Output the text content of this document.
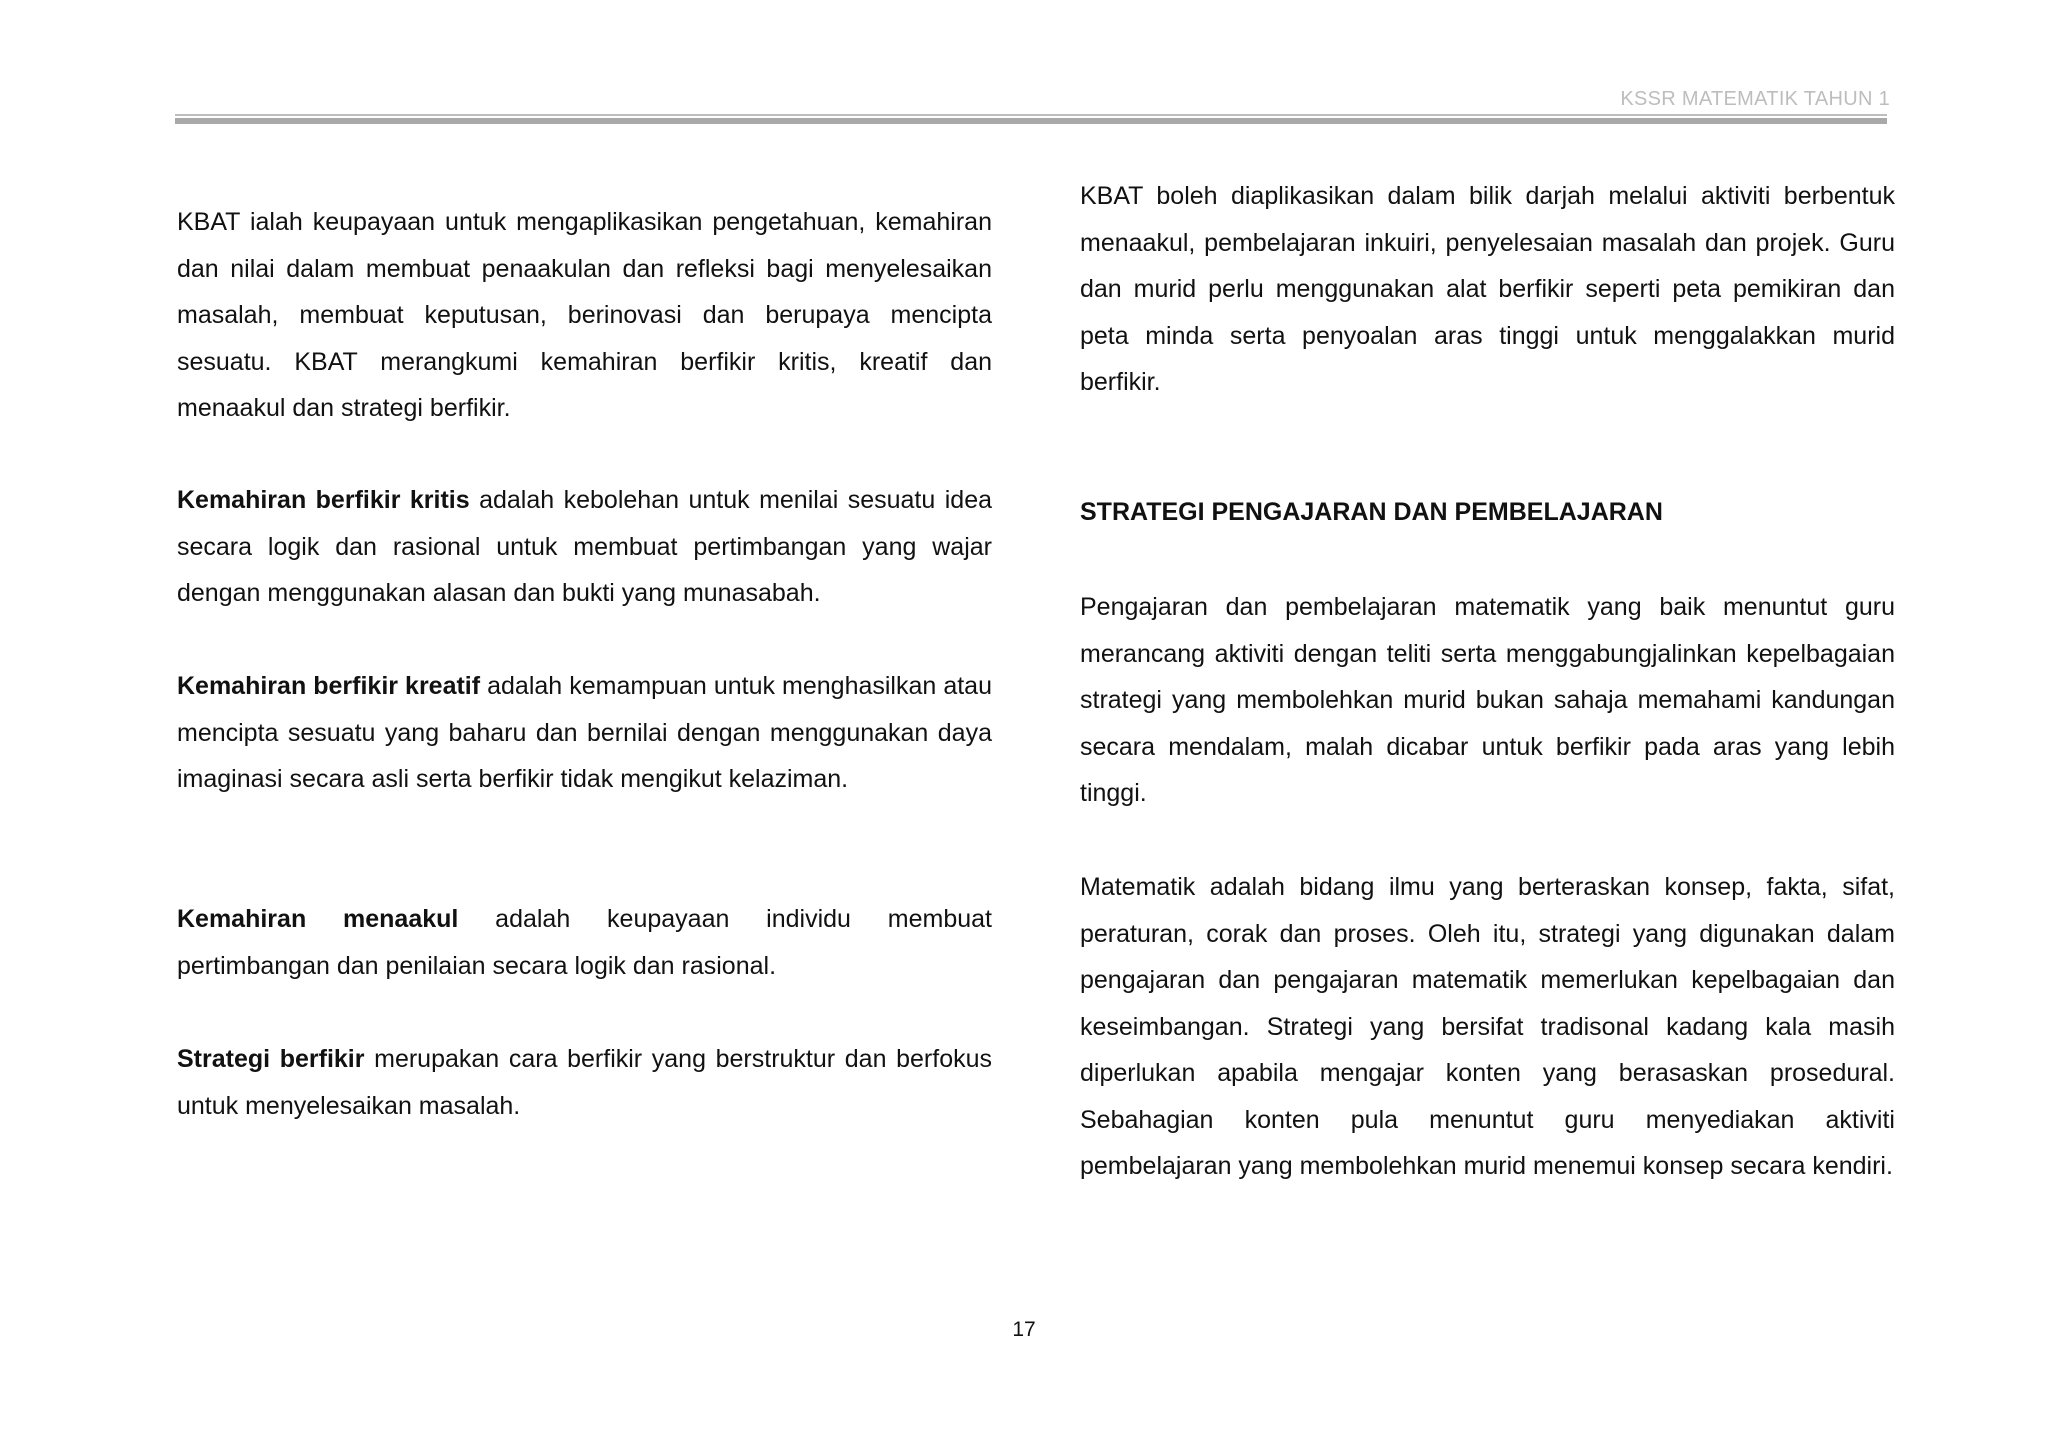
KSSR MATEMATIK TAHUN 1

KBAT ialah keupayaan untuk mengaplikasikan pengetahuan, kemahiran dan nilai dalam membuat penaakulan dan refleksi bagi menyelesaikan masalah, membuat keputusan, berinovasi dan berupaya mencipta sesuatu. KBAT merangkumi kemahiran berfikir kritis, kreatif dan menaakul dan strategi berfikir.

Kemahiran berfikir kritis adalah kebolehan untuk menilai sesuatu idea secara logik dan rasional untuk membuat pertimbangan yang wajar dengan menggunakan alasan dan bukti yang munasabah.

Kemahiran berfikir kreatif adalah kemampuan untuk menghasilkan atau mencipta sesuatu yang baharu dan bernilai dengan menggunakan daya imaginasi secara asli serta berfikir tidak mengikut kelaziman.

Kemahiran menaakul adalah keupayaan individu membuat pertimbangan dan penilaian secara logik dan rasional.

Strategi berfikir merupakan cara berfikir yang berstruktur dan berfokus untuk menyelesaikan masalah.

KBAT boleh diaplikasikan dalam bilik darjah melalui aktiviti berbentuk menaakul, pembelajaran inkuiri, penyelesaian masalah dan projek. Guru dan murid perlu menggunakan alat berfikir seperti peta pemikiran dan peta minda serta penyoalan aras tinggi untuk menggalakkan murid berfikir.

STRATEGI PENGAJARAN DAN PEMBELAJARAN

Pengajaran dan pembelajaran matematik yang baik menuntut guru merancang aktiviti dengan teliti serta menggabungjalinkan kepelbagaian strategi yang membolehkan murid bukan sahaja memahami kandungan secara mendalam, malah dicabar untuk berfikir pada aras yang lebih tinggi.

Matematik adalah bidang ilmu yang berteraskan konsep, fakta, sifat, peraturan, corak dan proses. Oleh itu, strategi yang digunakan dalam pengajaran dan pengajaran matematik memerlukan kepelbagaian dan keseimbangan. Strategi yang bersifat tradisonal kadang kala masih diperlukan apabila mengajar konten yang berasaskan prosedural. Sebahagian konten pula menuntut guru menyediakan aktiviti pembelajaran yang membolehkan murid menemui konsep secara kendiri.

17
